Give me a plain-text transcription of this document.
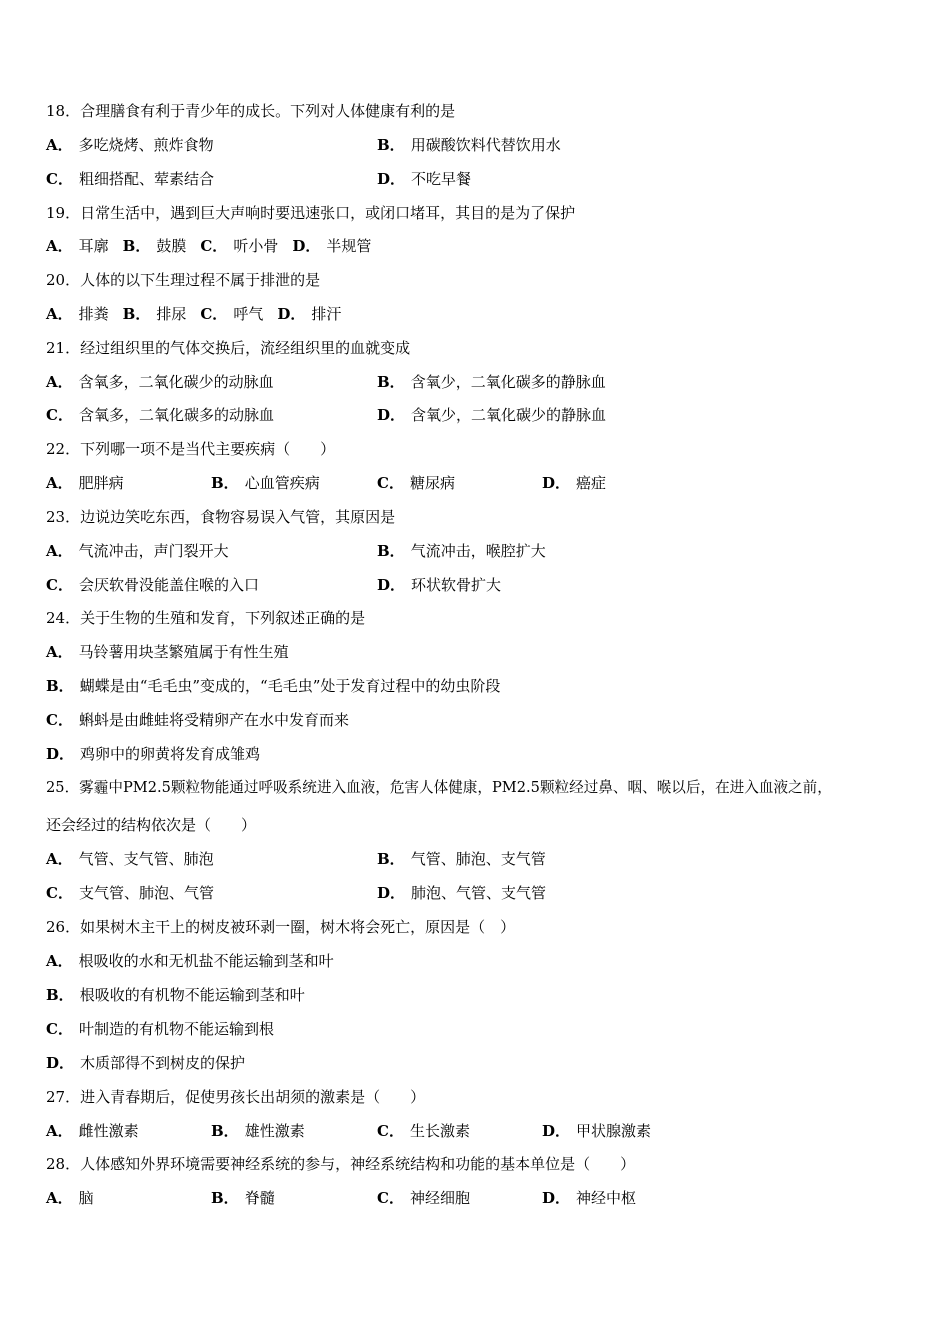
18．合理膳食有利于青少年的成长。下列对人体健康有利的是
A． 多吃烧烤、煎炸食物	B． 用碳酸饮料代替饮用水
C． 粗细搭配、荤素结合	D． 不吃早餐
19．日常生活中，遇到巨大声响时要迅速张口，或闭口堵耳，其目的是为了保护
A． 耳廓 B． 鼓膜 C． 听小骨 D． 半规管
20．人体的以下生理过程不属于排泄的是
A． 排粪 B． 排尿 C． 呼气 D． 排汗
21．经过组织里的气体交换后，流经组织里的血就变成
A． 含氧多，二氧化碳少的动脉血	B． 含氧少，二氧化碳多的静脉血
C． 含氧多，二氧化碳多的动脉血	D． 含氧少，二氧化碳少的静脉血
22．下列哪一项不是当代主要疾病（　　）
A． 肥胖病	B． 心血管疾病	C． 糖尿病	D． 癌症
23．边说边笑吃东西，食物容易误入气管，其原因是
A． 气流冲击，声门裂开大	B． 气流冲击，喉腔扩大
C． 会厌软骨没能盖住喉的入口	D． 环状软骨扩大
24．关于生物的生殖和发育，下列叙述正确的是
A． 马铃薯用块茎繁殖属于有性生殖
B． 蝴蝶是由“毛毛虫”变成的，“毛毛虫”处于发育过程中的幼虫阶段
C． 蝌蚪是由雌蛙将受精卵产在水中发育而来
D． 鸡卵中的卵黄将发育成雏鸡
25．雾霾中PM2.5颗粒物能通过呼吸系统进入血液，危害人体健康，PM2.5颗粒经过鼻、咽、喉以后，在进入血液之前，
还会经过的结构依次是（　　）
A． 气管、支气管、肺泡	B． 气管、肺泡、支气管
C． 支气管、肺泡、气管	D． 肺泡、气管、支气管
26．如果树木主干上的树皮被环剥一圈，树木将会死亡，原因是（　）
A． 根吸收的水和无机盐不能运输到茎和叶
B． 根吸收的有机物不能运输到茎和叶
C． 叶制造的有机物不能运输到根
D． 木质部得不到树皮的保护
27．进入青春期后，促使男孩长出胡须的激素是（　　）
A． 雌性激素	B． 雄性激素	C． 生长激素	D． 甲状腺激素
28．人体感知外界环境需要神经系统的参与，神经系统结构和功能的基本单位是（　　）
A． 脑	B． 脊髓	C． 神经细胞	D． 神经中枢
